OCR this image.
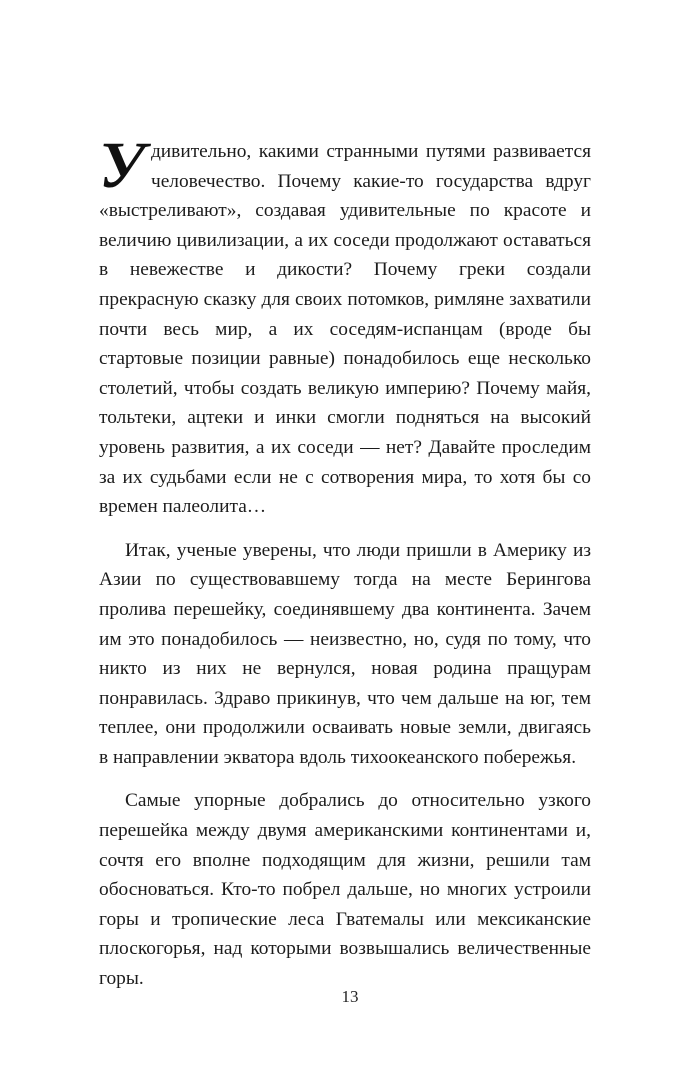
Удивительно, какими странными путями развивается человечество. Почему какие-то государства вдруг «выстреливают», создавая удивительные по красоте и величию цивилизации, а их соседи продолжают оставаться в невежестве и дикости? Почему греки создали прекрасную сказку для своих потомков, римляне захватили почти весь мир, а их соседям-испанцам (вроде бы стартовые позиции равные) понадобилось еще несколько столетий, чтобы создать великую империю? Почему майя, тольтеки, ацтеки и инки смогли подняться на высокий уровень развития, а их соседи — нет? Давайте проследим за их судьбами если не с сотворения мира, то хотя бы со времен палеолита…

Итак, ученые уверены, что люди пришли в Америку из Азии по существовавшему тогда на месте Берингова пролива перешейку, соединявшему два континента. Зачем им это понадобилось — неизвестно, но, судя по тому, что никто из них не вернулся, новая родина пращурам понравилась. Здраво прикинув, что чем дальше на юг, тем теплее, они продолжили осваивать новые земли, двигаясь в направлении экватора вдоль тихоокеанского побережья.

Самые упорные добрались до относительно узкого перешейка между двумя американскими континентами и, сочтя его вполне подходящим для жизни, решили там обосноваться. Кто-то побрел дальше, но многих устроили горы и тропические леса Гватемалы или мексиканские плоскогорья, над которыми возвышались величественные горы.

13
